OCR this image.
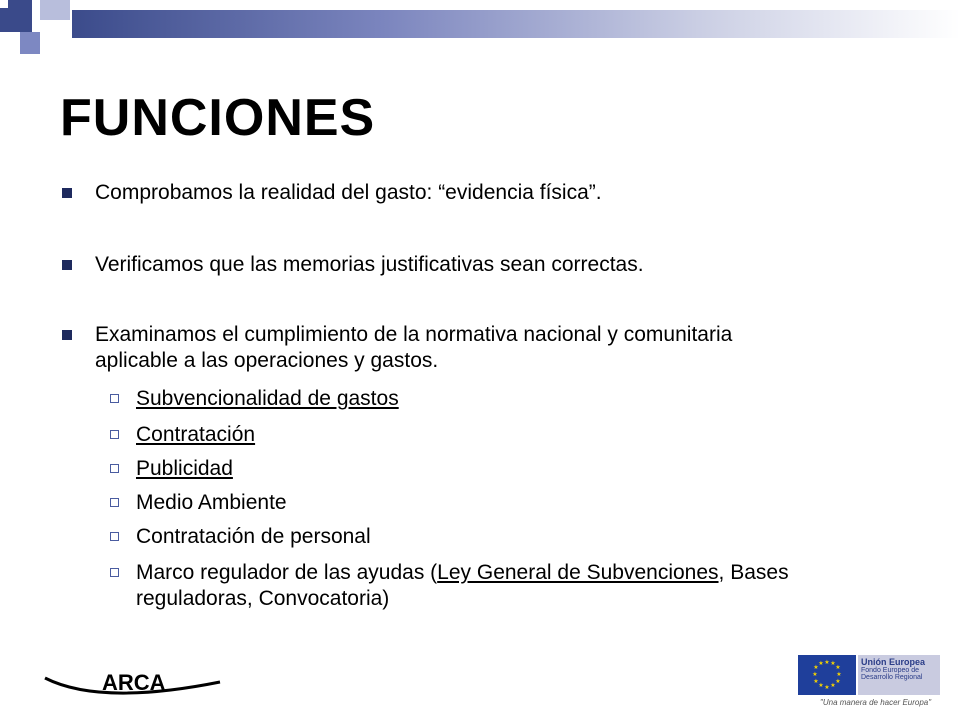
FUNCIONES
Comprobamos la realidad del gasto: “evidencia física”.
Verificamos que las memorias justificativas sean correctas.
Examinamos el cumplimiento de la normativa nacional y comunitaria aplicable a las operaciones y gastos.
Subvencionalidad de gastos
Contratación
Publicidad
Medio Ambiente
Contratación de personal
Marco regulador de las ayudas (Ley General de Subvenciones, Bases reguladoras, Convocatoria)
ARCA
★ ★
★
★
★
★
★
★
★
★
★
★	Unión Europea
Fondo Europeo de Desarrollo Regional
"Una manera de hacer Europa"
